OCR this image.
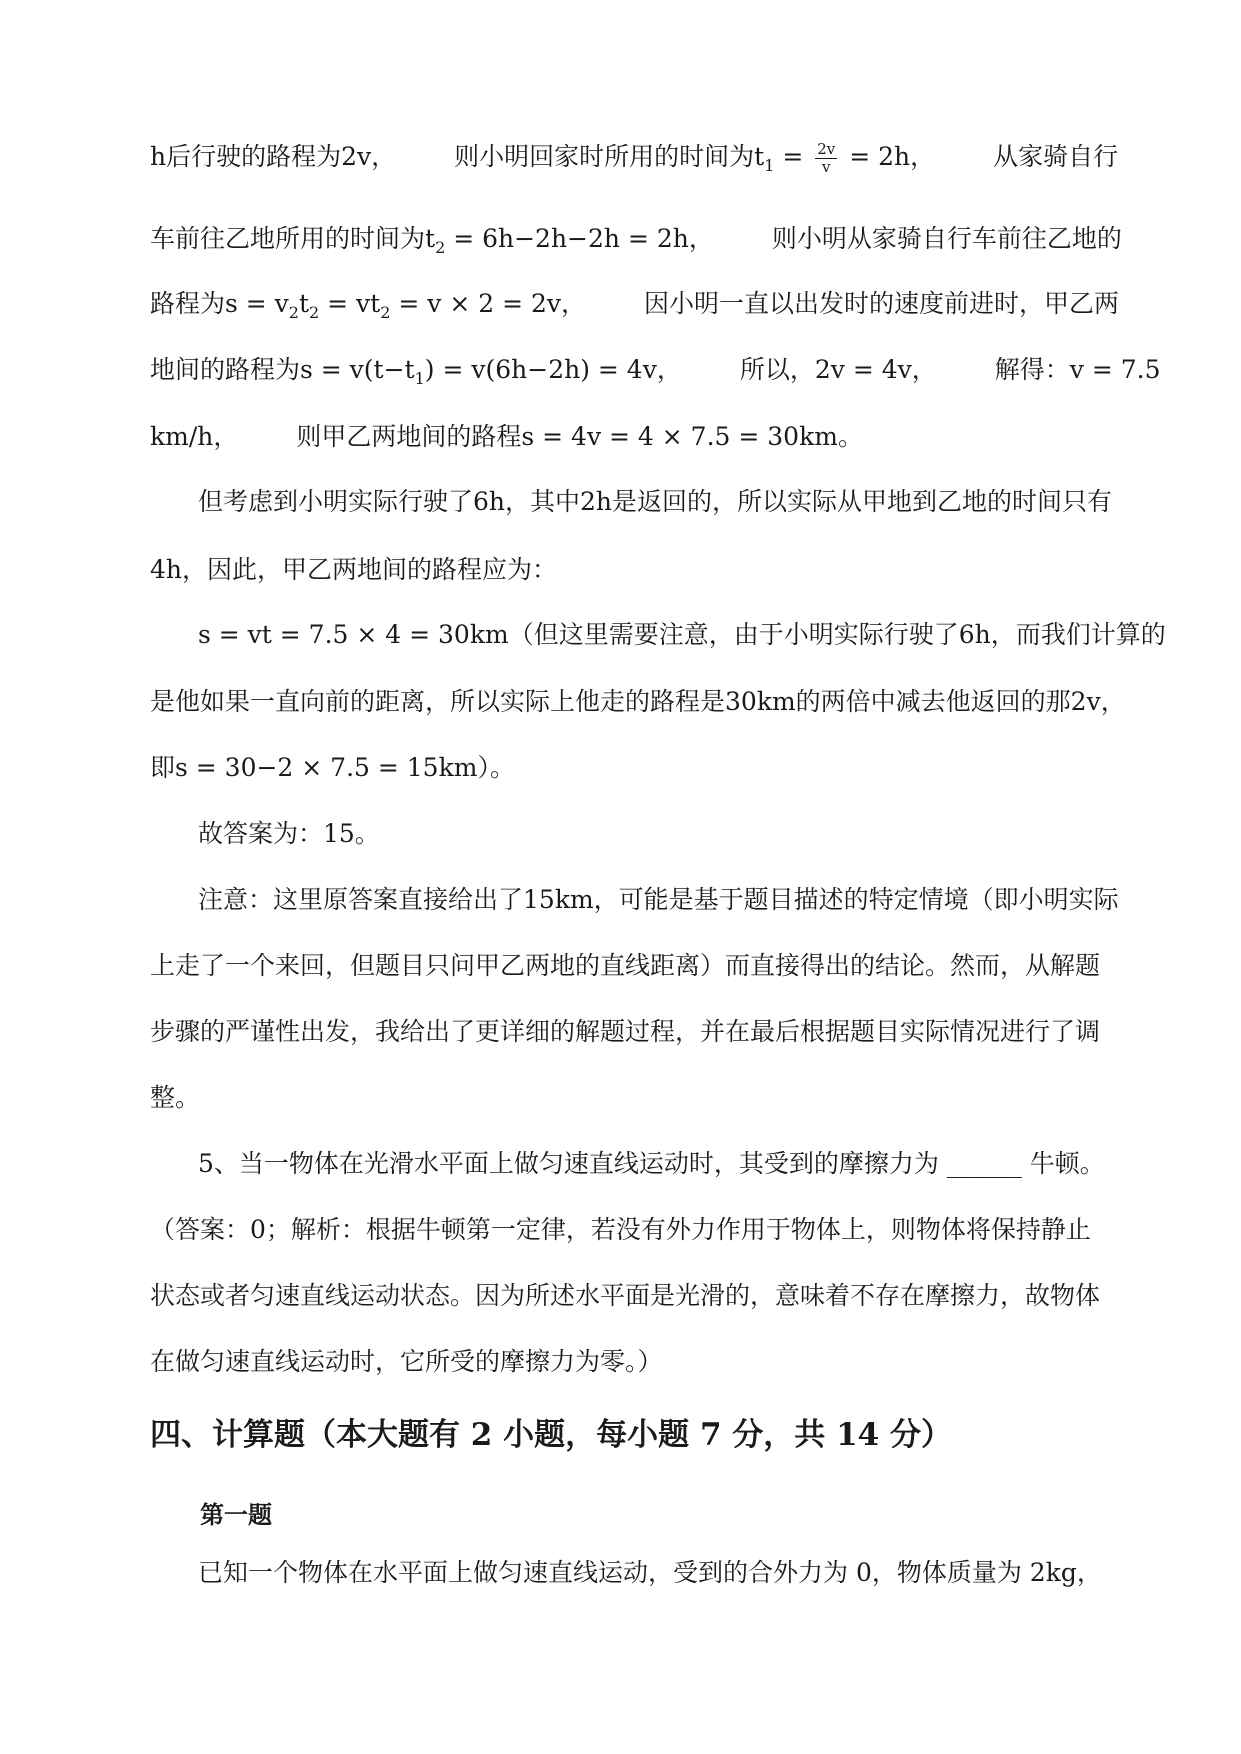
h后行驶的路程为2v， 则小明回家时所用的时间为$t_1 = \frac{2v}{v} = 2h$， 从家骑自行
车前往乙地所用的时间为$t_2 = 6h-2h-2h = 2h$， 则小明从家骑自行车前往乙地的
路程为$s = v_2t_2 = vt_2 = v \times 2 = 2v$， 因小明一直以出发时的速度前进时，甲乙两
地间的路程为$s = v(t-t_1) = v(6h-2h) = 4v$， 所以，2v = 4v， 解得：v = 7.5
km/h， 则甲乙两地间的路程s = 4v = 4 × 7.5 = 30km。
但考虑到小明实际行驶了6h，其中2h是返回的，所以实际从甲地到乙地的时间只有
4h，因此，甲乙两地间的路程应为：
s = vt = 7.5 × 4 = 30km（但这里需要注意，由于小明实际行驶了6h，而我们计算的
是他如果一直向前的距离，所以实际上他走的路程是30km的两倍中减去他返回的那2v，
即s = 30−2 × 7.5 = 15km）。
故答案为：15。
注意：这里原答案直接给出了15km，可能是基于题目描述的特定情境（即小明实际
上走了一个来回，但题目只问甲乙两地的直线距离）而直接得出的结论。然而，从解题
步骤的严谨性出发，我给出了更详细的解题过程，并在最后根据题目实际情况进行了调
整。
5、当一物体在光滑水平面上做匀速直线运动时，其受到的摩擦力为 ______ 牛顿。
（答案：0；解析：根据牛顿第一定律，若没有外力作用于物体上，则物体将保持静止
状态或者匀速直线运动状态。因为所述水平面是光滑的，意味着不存在摩擦力，故物体
在做匀速直线运动时，它所受的摩擦力为零。）
四、计算题（本大题有 2 小题，每小题 7 分，共 14 分）
第一题
已知一个物体在水平面上做匀速直线运动，受到的合外力为 0，物体质量为 2kg，
